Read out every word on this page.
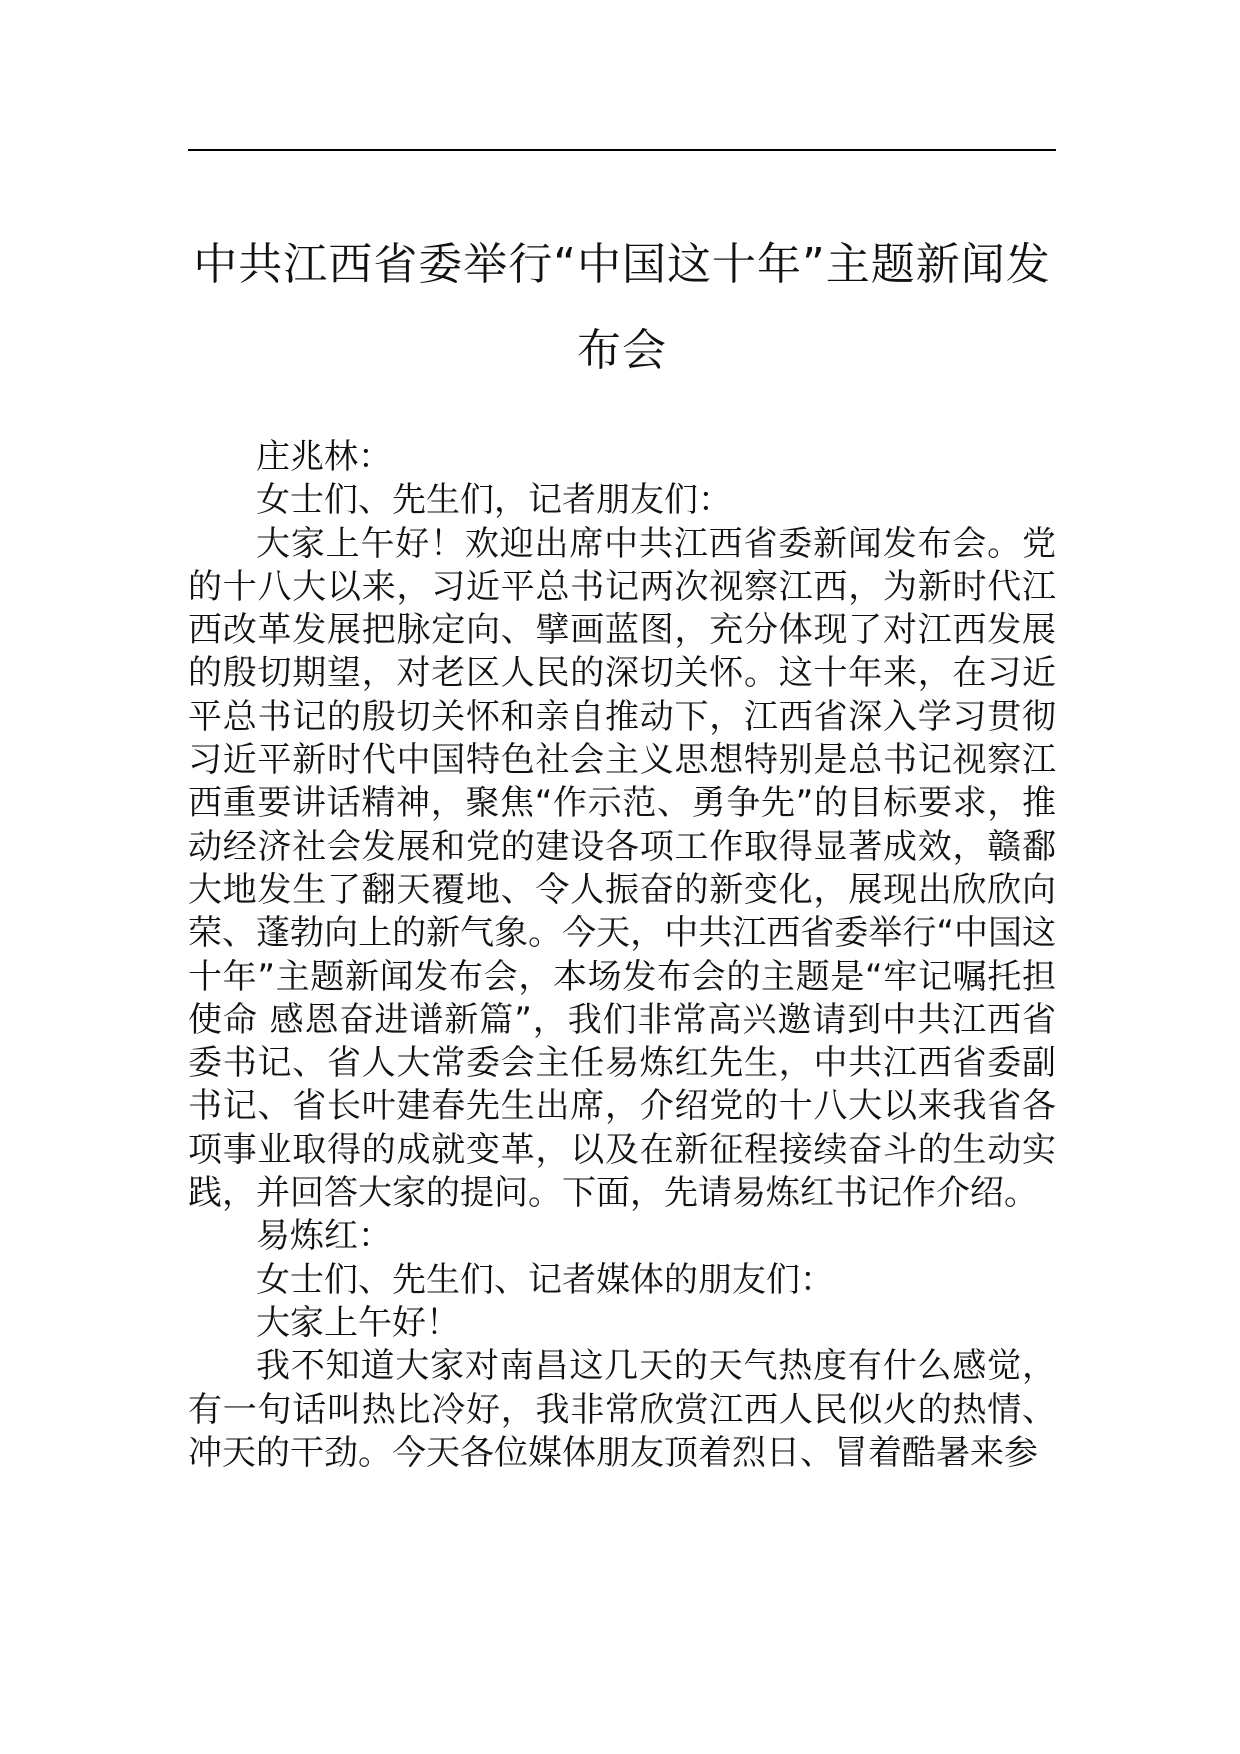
中共江西省委举行“中国这十年”主题新闻发布会

庄兆林：

女士们、先生们，记者朋友们：

大家上午好！欢迎出席中共江西省委新闻发布会。党的十八大以来，习近平总书记两次视察江西，为新时代江西改革发展把脉定向、擘画蓝图，充分体现了对江西发展的殷切期望，对老区人民的深切关怀。这十年来，在习近平总书记的殷切关怀和亲自推动下，江西省深入学习贯彻习近平新时代中国特色社会主义思想特别是总书记视察江西重要讲话精神，聚焦“作示范、勇争先”的目标要求，推动经济社会发展和党的建设各项工作取得显著成效，赣鄱大地发生了翻天覆地、令人振奋的新变化，展现出欣欣向荣、蓬勃向上的新气象。今天，中共江西省委举行“中国这十年”主题新闻发布会，本场发布会的主题是“牢记嘱托担使命 感恩奋进谱新篇”，我们非常高兴邀请到中共江西省委书记、省人大常委会主任易炼红先生，中共江西省委副书记、省长叶建春先生出席，介绍党的十八大以来我省各项事业取得的成就变革，以及在新征程接续奋斗的生动实践，并回答大家的提问。下面，先请易炼红书记作介绍。

易炼红：

女士们、先生们、记者媒体的朋友们：

大家上午好！

我不知道大家对南昌这几天的天气热度有什么感觉，有一句话叫热比冷好，我非常欣赏江西人民似火的热情、冲天的干劲。今天各位媒体朋友顶着烈日、冒着酷暑来参
